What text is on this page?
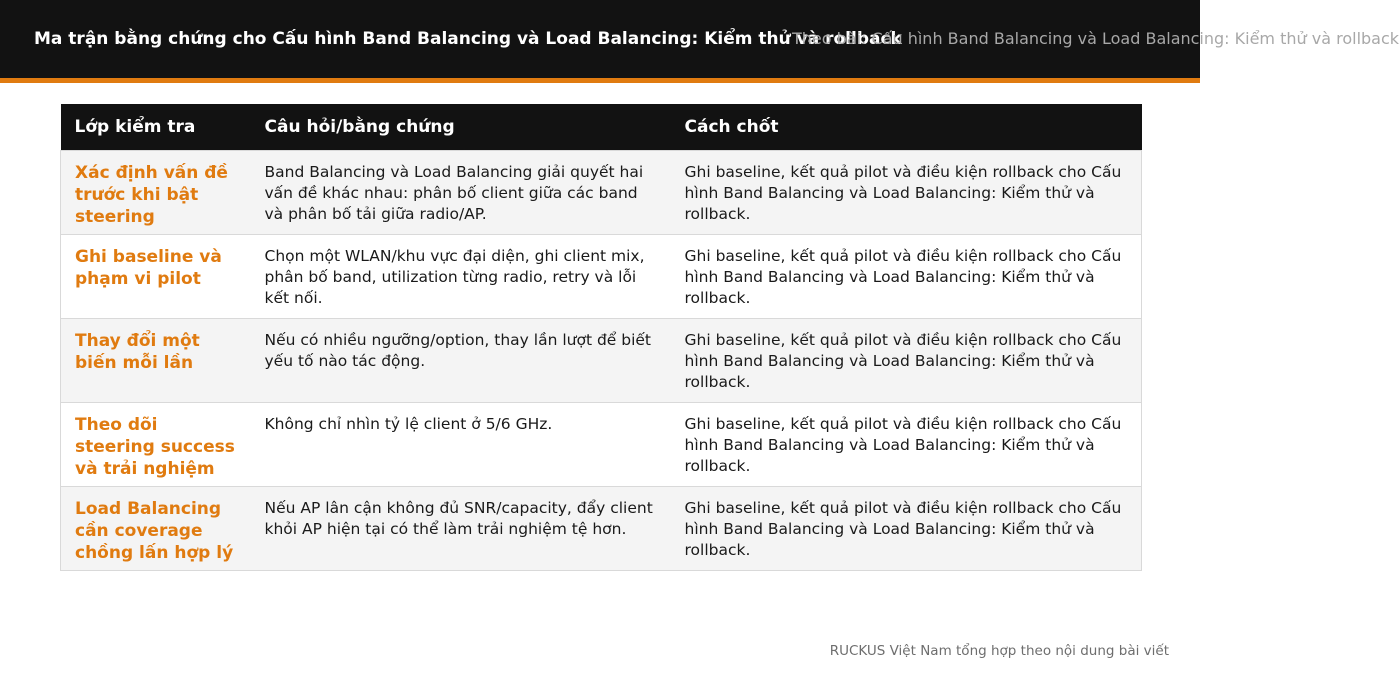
Ma trận bằng chứng cho Cấu hình Band Balancing và Load Balancing: Kiểm thử và rollback
Theo bài: Cấu hình Band Balancing và Load Balancing: Kiểm thử và rollback
Lớp kiểm tra	Câu hỏi/bằng chứng	Cách chốt

Xác định vấn đề trước khi bật steering	Band Balancing và Load Balancing giải quyết hai vấn đề khác nhau: phân bố client giữa các band và phân bố tải giữa radio/AP.	Ghi baseline, kết quả pilot và điều kiện rollback cho Cấu hình Band Balancing và Load Balancing: Kiểm thử và rollback.

Ghi baseline và phạm vi pilot	Chọn một WLAN/khu vực đại diện, ghi client mix, phân bố band, utilization từng radio, retry và lỗi kết nối.	Ghi baseline, kết quả pilot và điều kiện rollback cho Cấu hình Band Balancing và Load Balancing: Kiểm thử và rollback.

Thay đổi một biến mỗi lần	Nếu có nhiều ngưỡng/option, thay lần lượt để biết yếu tố nào tác động.	Ghi baseline, kết quả pilot và điều kiện rollback cho Cấu hình Band Balancing và Load Balancing: Kiểm thử và rollback.

Theo dõi steering success và trải nghiệm	Không chỉ nhìn tỷ lệ client ở 5/6 GHz.	Ghi baseline, kết quả pilot và điều kiện rollback cho Cấu hình Band Balancing và Load Balancing: Kiểm thử và rollback.

Load Balancing cần coverage chồng lấn hợp lý	Nếu AP lân cận không đủ SNR/capacity, đẩy client khỏi AP hiện tại có thể làm trải nghiệm tệ hơn.	Ghi baseline, kết quả pilot và điều kiện rollback cho Cấu hình Band Balancing và Load Balancing: Kiểm thử và rollback.
RUCKUS Việt Nam tổng hợp theo nội dung bài viết
